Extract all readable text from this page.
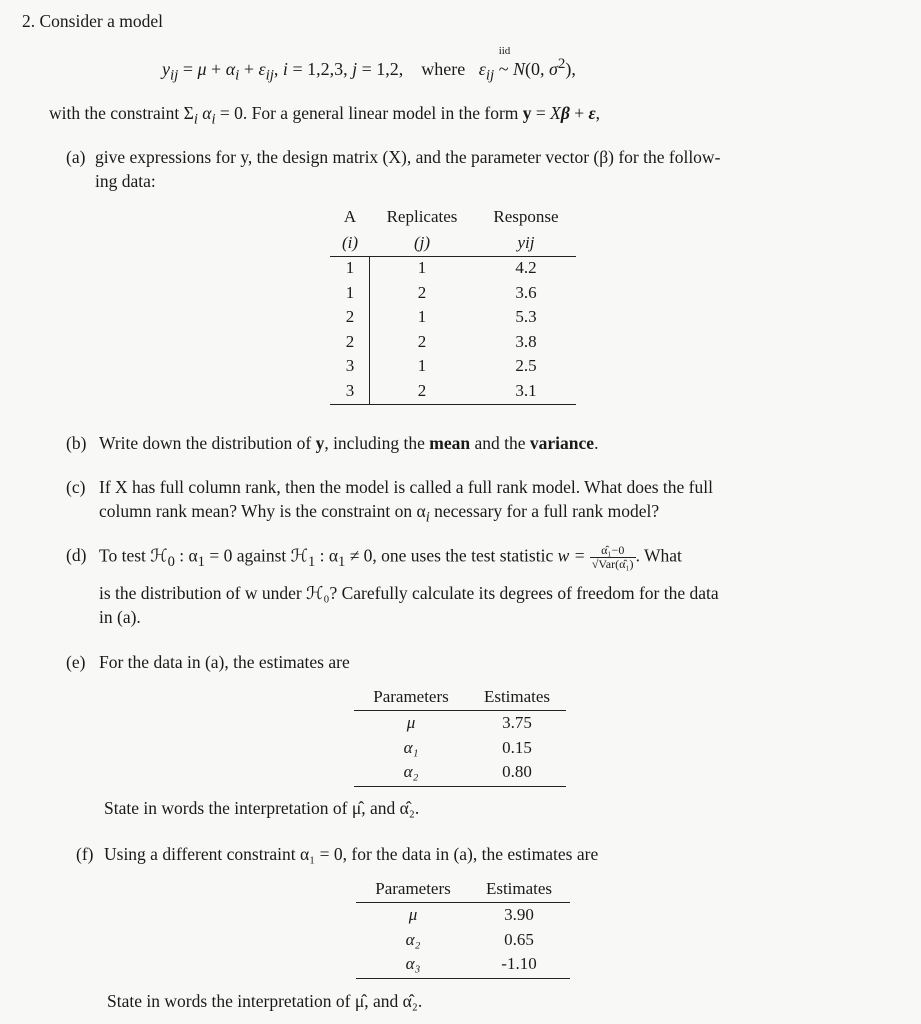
2. Consider a model
$y_{ij} = \mu + \alpha_i + \varepsilon_{ij}$, i = 1,2,3, j = 1,2,    where $\varepsilon_{ij}$
iid
~ N(0, $\sigma^2$),
with the constraint $\Sigma_i$ $\alpha_i = 0$. For a general linear model in the form y = Xβ + ε,
(a) give expressions for y, the design matrix (X), and the parameter vector (β) for the follow-
ing data:
A	Replicates	Response
(i)	(j)	yij
1	1	4.2
1	2	3.6
2	1	5.3
2	2	3.8
3	1	2.5
3	2	3.1
(b) Write down the distribution of y, including the mean and the variance.
(c) If X has full column rank, then the model is called a full rank model. What does the full
column rank mean? Why is the constraint on $\alpha_i$ necessary for a full rank model?
(d) To test ℋ$_0$ : $\alpha_1 = 0$ against ℋ$_1$ : $\alpha_1 \ne 0$, one uses the test statistic $w = \frac{\text{α̂₁−0}}{\text{√Var(α̂₁)}}$ . What
is the distribution of w under ℋ₀? Carefully calculate its degrees of freedom for the data
in (a).
(e) For the data in (a), the estimates are
Parameters	Estimates
μ	3.75
α₁	0.15
α₂	0.80
State in words the interpretation of μ̂, and α̂₂.
(f) Using a different constraint α₁ = 0, for the data in (a), the estimates are
Parameters	Estimates
μ	3.90
α₂	0.65
α₃	-1.10
State in words the interpretation of μ̂, and α̂₂.
